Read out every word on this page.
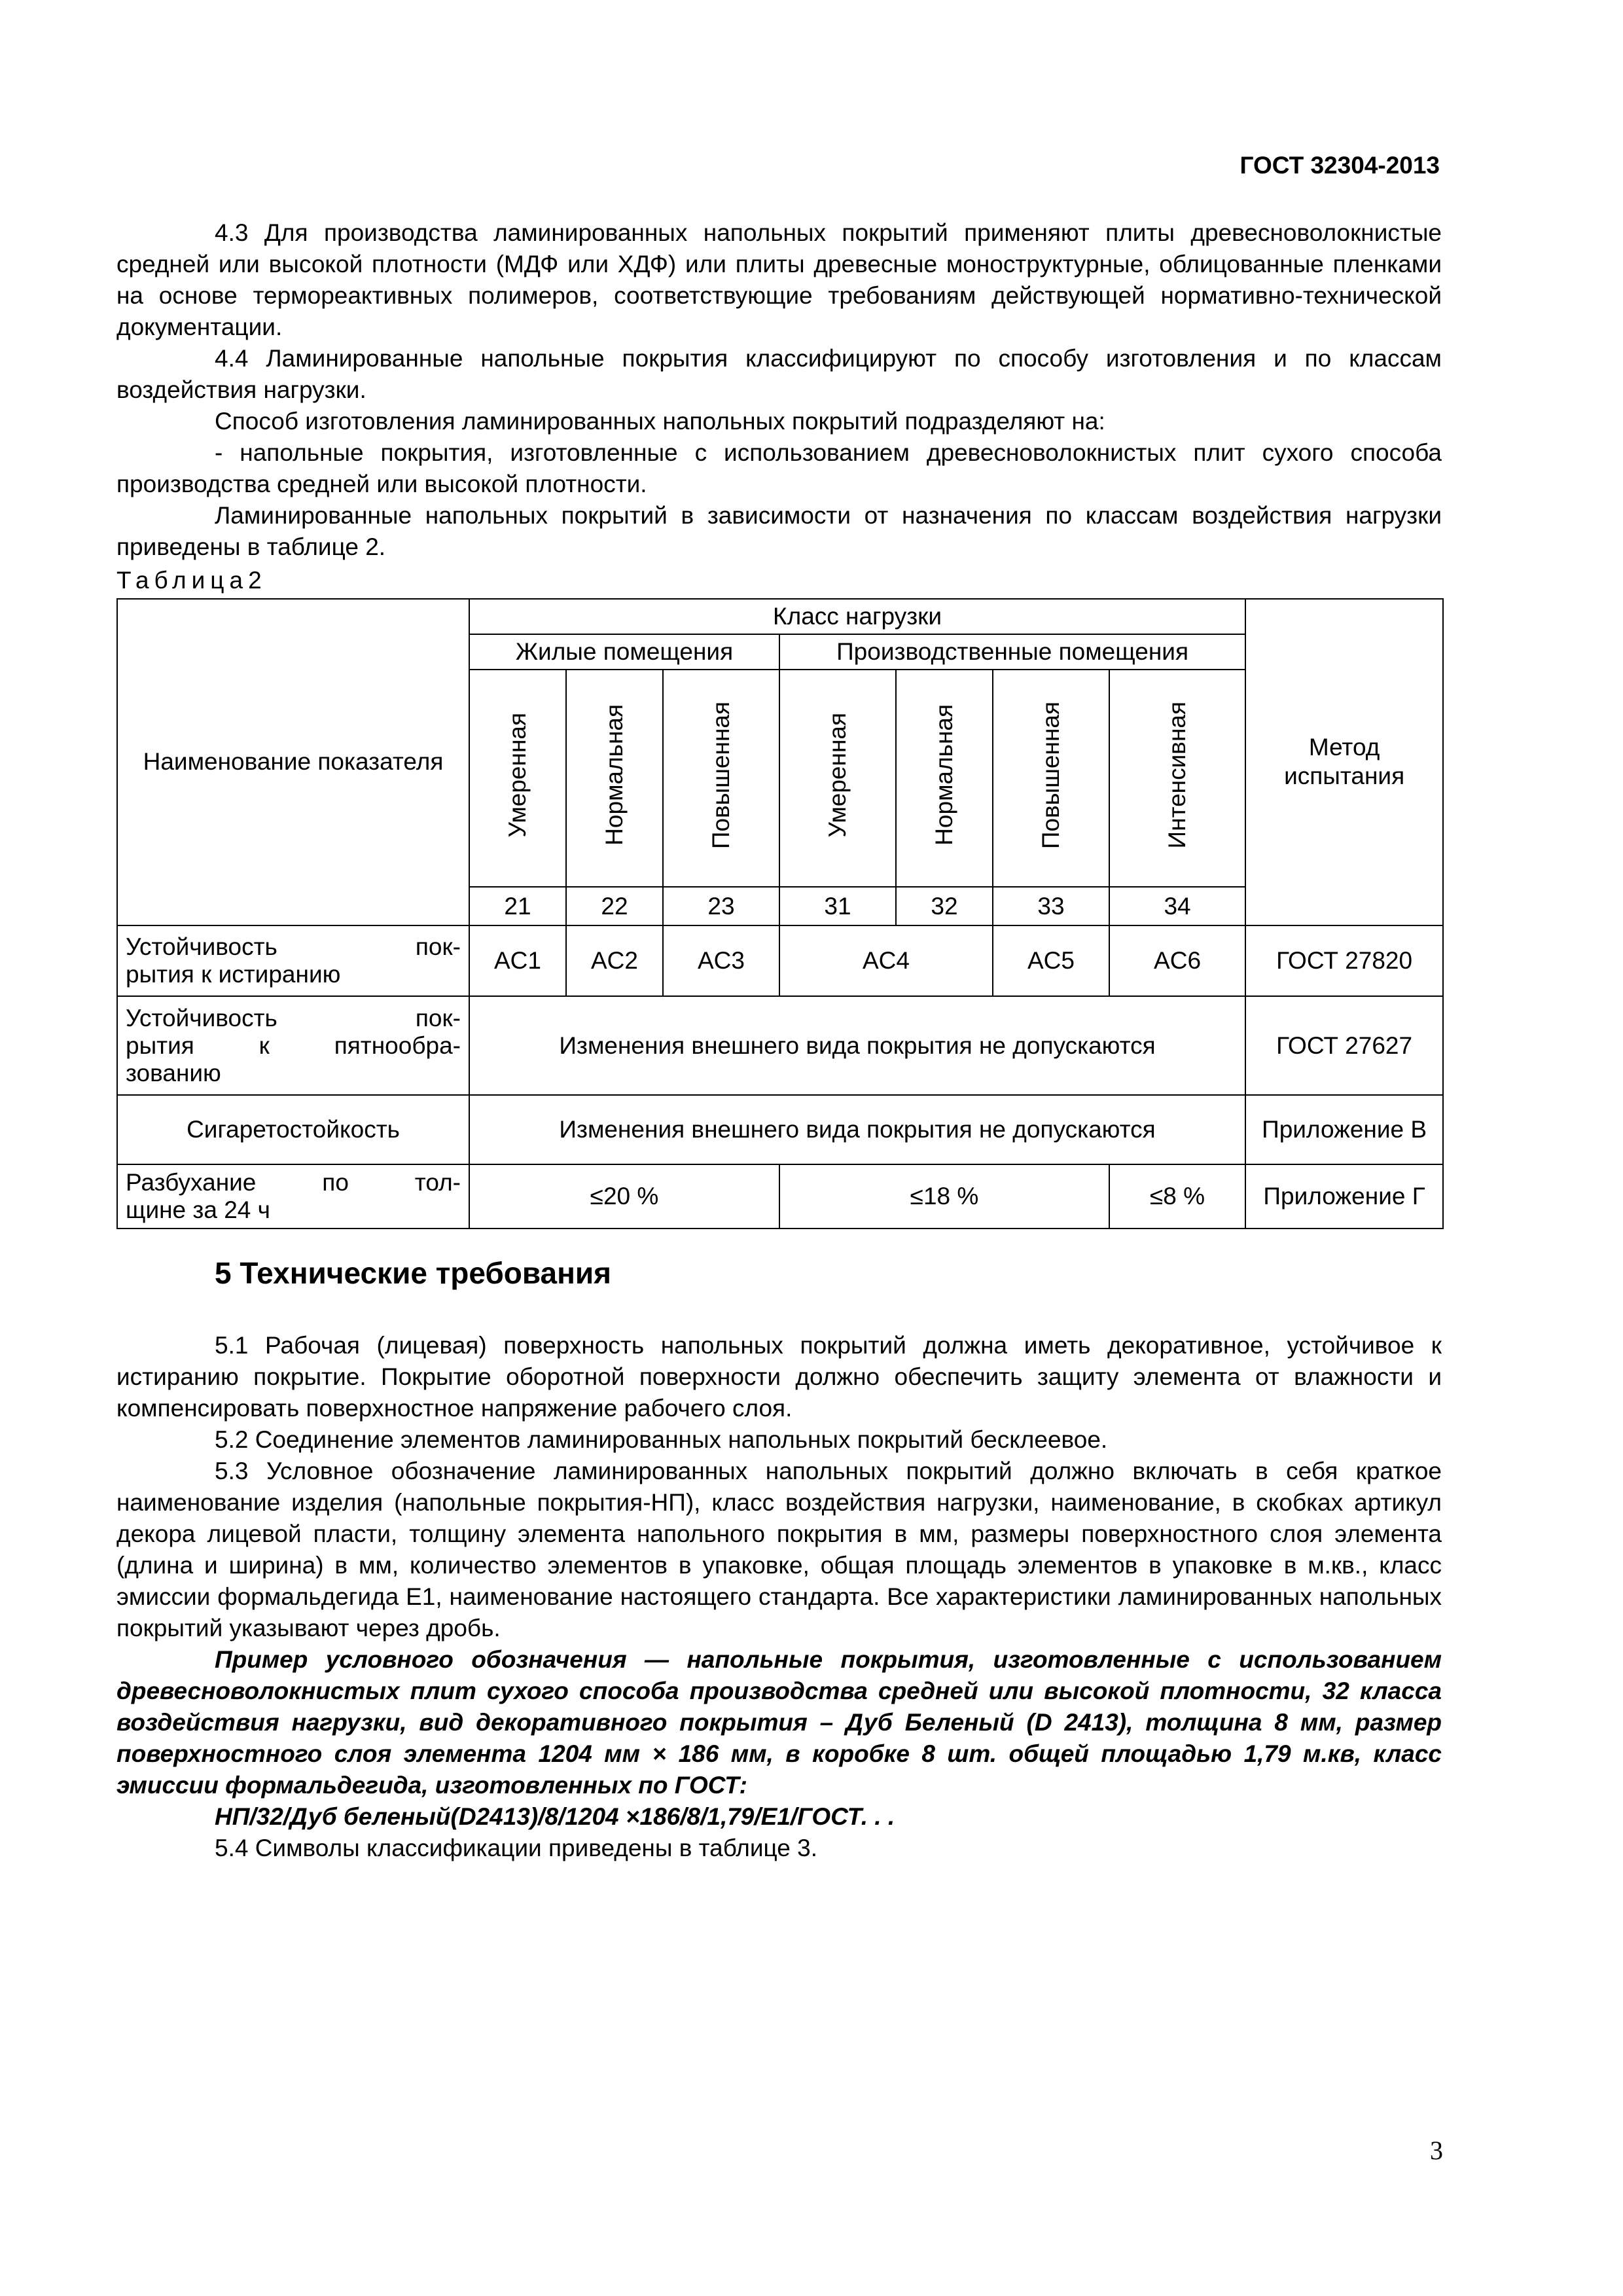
ГОСТ 32304-2013

4.3 Для производства ламинированных напольных покрытий применяют плиты древесноволокнистые средней или высокой плотности (МДФ или ХДФ) или плиты древесные моноструктурные, облицованные пленками на основе термореактивных полимеров, соответствующие требованиям действующей нормативно-технической документации.

4.4 Ламинированные напольные покрытия классифицируют по способу изготовления и по классам воздействия нагрузки.

Способ изготовления ламинированных напольных покрытий подразделяют на:

- напольные покрытия, изготовленные с использованием древесноволокнистых плит сухого способа производства средней или высокой плотности.

Ламинированные напольных покрытий в зависимости от назначения по классам воздействия нагрузки приведены в таблице 2.

Таблица2
Наименование показателя	Класс нагрузки							Метод испытания
	Жилые помещения			Производственные помещения				
	Умеренная	Нормальная	Повышенная	Умеренная	Нормальная	Повышенная	Интенсивная	
	21	22	23	31	32	33	34	

Устойчивость пок-
рытия к истиранию	AC1	AC2	AC3	AC4		AC5	AC6	ГОСТ 27820

Устойчивость пок-
рытия к пятнообра-
зованию	Изменения внешнего вида покрытия не допускаются							ГОСТ 27627
Сигаретостойкость	Изменения внешнего вида покрытия не допускаются							Приложение В

Разбухание по тол-
щине за 24 ч	≤20 %			≤18 %			≤8 %	Приложение Г
5 Технические требования

5.1 Рабочая (лицевая) поверхность напольных покрытий должна иметь декоративное, устойчивое к истиранию покрытие. Покрытие оборотной поверхности должно обеспечить защиту элемента от влажности и компенсировать поверхностное напряжение рабочего слоя.

5.2 Соединение элементов ламинированных напольных покрытий бесклеевое.

5.3 Условное обозначение ламинированных напольных покрытий должно включать в себя краткое наименование изделия (напольные покрытия-НП), класс воздействия нагрузки, наименование, в скобках артикул декора лицевой пласти, толщину элемента напольного покрытия в мм, размеры поверхностного слоя элемента (длина и ширина) в мм, количество элементов в упаковке, общая площадь элементов в упаковке в м.кв., класс эмиссии формальдегида Е1, наименование настоящего стандарта. Все характеристики ламинированных напольных покрытий указывают через дробь.

Пример условного обозначения — напольные покрытия, изготовленные с использованием древесноволокнистых плит сухого способа производства средней или высокой плотности, 32 класса воздействия нагрузки, вид декоративного покрытия – Дуб Беленый (D 2413), толщина 8 мм, размер поверхностного слоя элемента 1204 мм × 186 мм, в коробке 8 шт. общей площадью 1,79 м.кв, класс эмиссии формальдегида, изготовленных по ГОСТ:

НП/32/Дуб беленый(D2413)/8/1204 ×186/8/1,79/E1/ГОСТ. . .

5.4 Символы классификации приведены в таблице 3.

3
